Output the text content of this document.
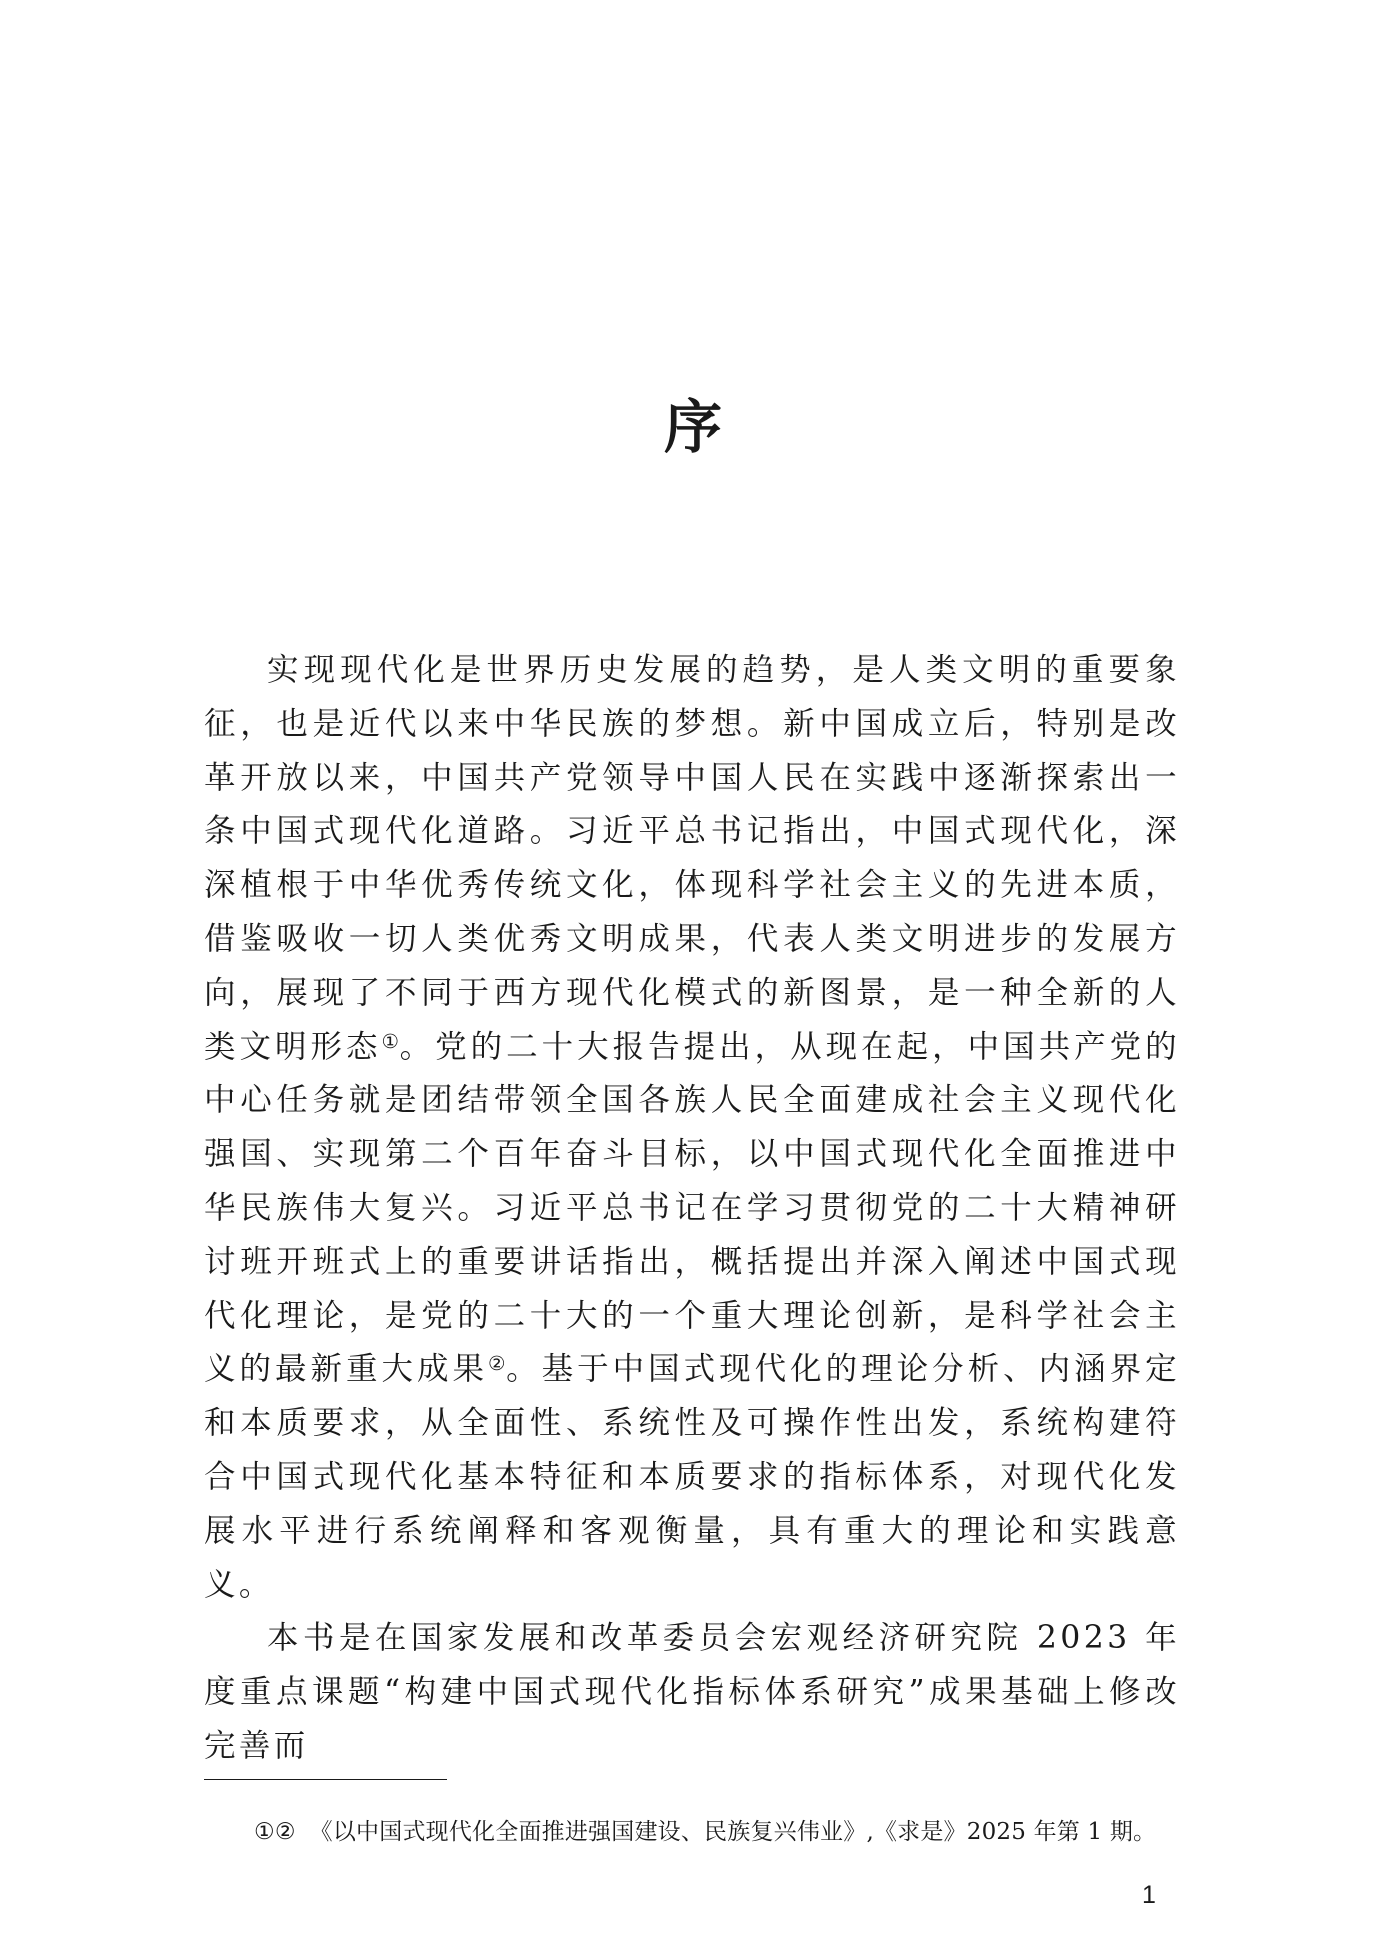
序

实现现代化是世界历史发展的趋势，是人类文明的重要象征，也是近代以来中华民族的梦想。新中国成立后，特别是改革开放以来，中国共产党领导中国人民在实践中逐渐探索出一条中国式现代化道路。习近平总书记指出，中国式现代化，深深植根于中华优秀传统文化，体现科学社会主义的先进本质，借鉴吸收一切人类优秀文明成果，代表人类文明进步的发展方向，展现了不同于西方现代化模式的新图景，是一种全新的人类文明形态①。党的二十大报告提出，从现在起，中国共产党的中心任务就是团结带领全国各族人民全面建成社会主义现代化强国、实现第二个百年奋斗目标，以中国式现代化全面推进中华民族伟大复兴。习近平总书记在学习贯彻党的二十大精神研讨班开班式上的重要讲话指出，概括提出并深入阐述中国式现代化理论，是党的二十大的一个重大理论创新，是科学社会主义的最新重大成果②。基于中国式现代化的理论分析、内涵界定和本质要求，从全面性、系统性及可操作性出发，系统构建符合中国式现代化基本特征和本质要求的指标体系，对现代化发展水平进行系统阐释和客观衡量，具有重大的理论和实践意义。

本书是在国家发展和改革委员会宏观经济研究院 2023 年度重点课题“构建中国式现代化指标体系研究”成果基础上修改完善而

①② 《以中国式现代化全面推进强国建设、民族复兴伟业》,《求是》2025 年第 1 期。
1
